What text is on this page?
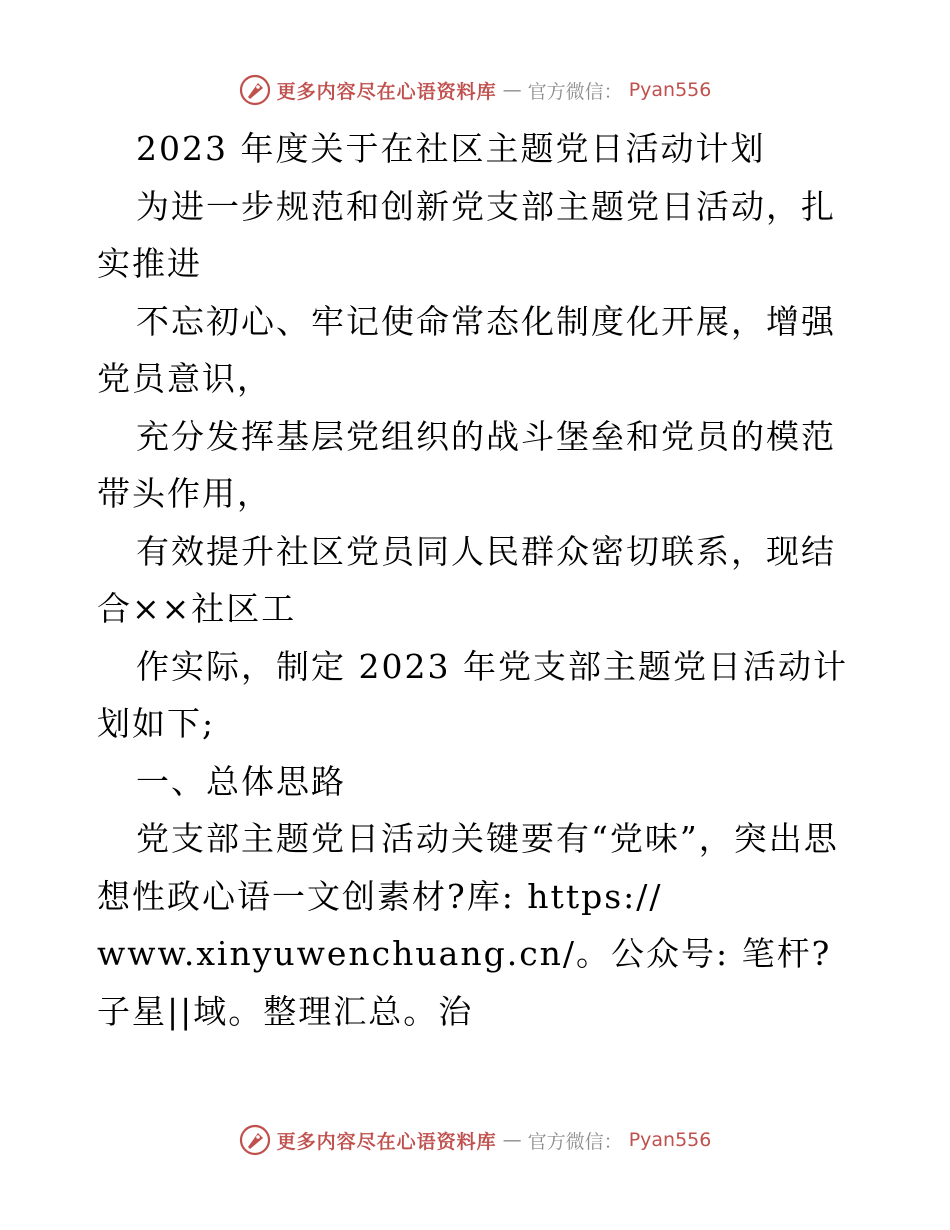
更多内容尽在心语资料库 — 官方微信： Pyan556

2023 年度关于在社区主题党日活动计划

为进一步规范和创新党支部主题党日活动，扎实推进

不忘初心、牢记使命常态化制度化开展，增强党员意识，

充分发挥基层党组织的战斗堡垒和党员的模范带头作用，

有效提升社区党员同人民群众密切联系，现结合××社区工

作实际，制定 2023 年党支部主题党日活动计划如下;

一、总体思路

党支部主题党日活动关键要有“党味”，突出思想性政心语一文创素材?库: https://

www.xinyuwenchuang.cn/。公众号: 笔杆?子星||域。整理汇总。治

更多内容尽在心语资料库 — 官方微信： Pyan556
